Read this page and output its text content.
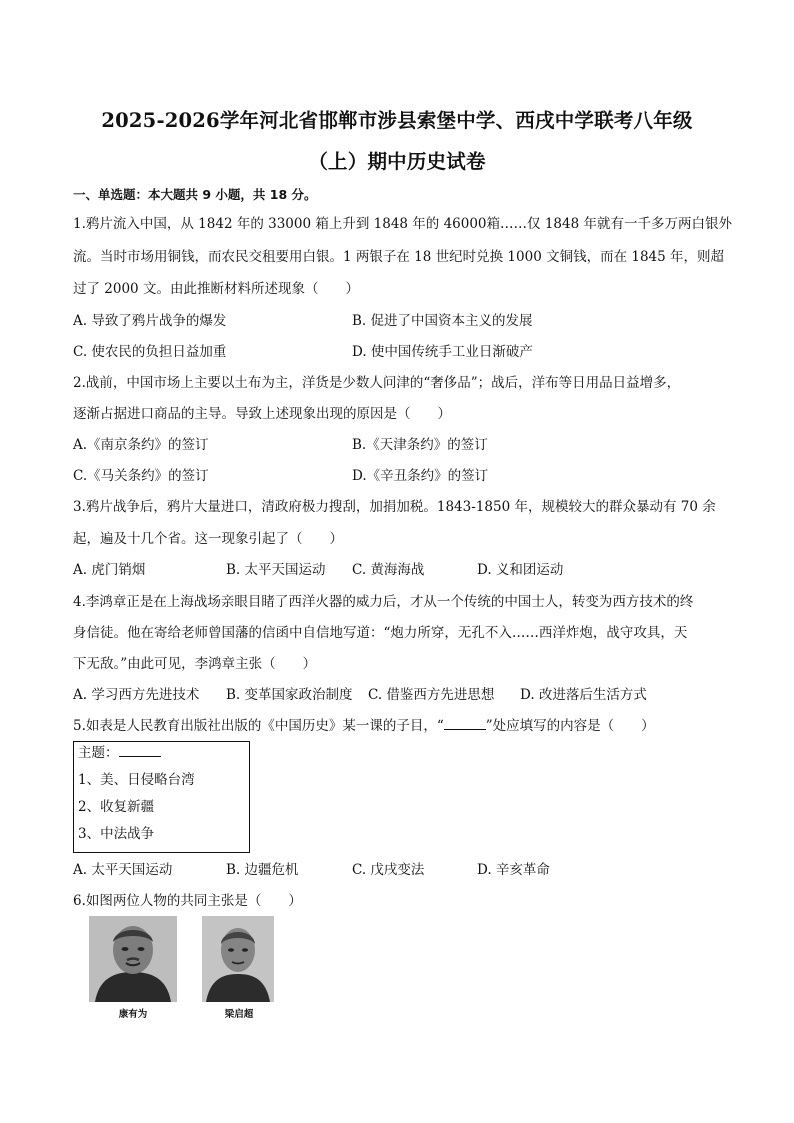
2025-2026学年河北省邯郸市涉县索堡中学、西戌中学联考八年级
（上）期中历史试卷
一、单选题：本大题共 9 小题，共 18 分。
1.鸦片流入中国，从 1842 年的 33000 箱上升到 1848 年的 46000箱……仅 1848 年就有一千多万两白银外
流。当时市场用铜钱，而农民交租要用白银。1 两银子在 18 世纪时兑换 1000 文铜钱，而在 1845 年，则超
过了 2000 文。由此推断材料所述现象（　　）
A. 导致了鸦片战争的爆发	B. 促进了中国资本主义的发展
C. 使农民的负担日益加重	D. 使中国传统手工业日渐破产
2.战前，中国市场上主要以土布为主，洋货是少数人问津的“奢侈品”；战后，洋布等日用品日益增多，
逐渐占据进口商品的主导。导致上述现象出现的原因是（　　）
A.《南京条约》的签订	B.《天津条约》的签订
C.《马关条约》的签订	D.《辛丑条约》的签订
3.鸦片战争后，鸦片大量进口，清政府极力搜刮，加捐加税。1843-1850 年，规模较大的群众暴动有 70 余
起，遍及十几个省。这一现象引起了（　　）
A. 虎门销烟	B. 太平天国运动 C. 黄海海战	D. 义和团运动
4.李鸿章正是在上海战场亲眼目睹了西洋火器的威力后，才从一个传统的中国士人，转变为西方技术的终
身信徒。他在寄给老师曾国藩的信函中自信地写道：“炮力所穿，无孔不入……西洋炸炮，战守攻具，天
下无敌。”由此可见，李鸿章主张（　　）
A. 学习西方先进技术 B. 变革国家政治制度 C. 借鉴西方先进思想 D. 改进落后生活方式
5.如表是人民教育出版社出版的《中国历史》某一课的子目，“	”处应填写的内容是（　　）
主题：
1、美、日侵略台湾
2、收复新疆
3、中法战争
A. 太平天国运动	B. 边疆危机	C. 戊戌变法	D. 辛亥革命
6.如图两位人物的共同主张是（　　）
康有为	梁启超
